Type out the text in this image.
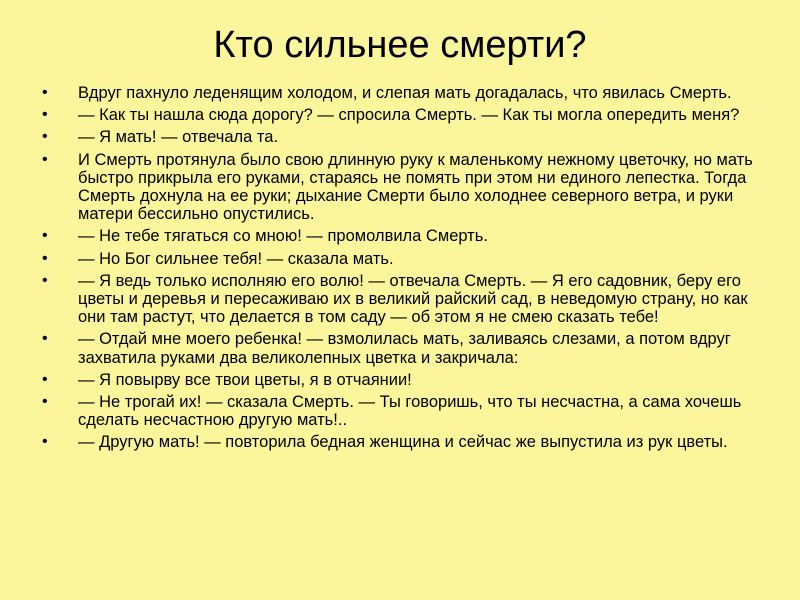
Кто сильнее смерти?
• Вдруг пахнуло леденящим холодом, и слепая мать догадалась, что явилась Смерть.
• — Как ты нашла сюда дорогу? — спросила Смерть. — Как ты могла опередить меня?
• — Я мать! — отвечала та.
• И Смерть протянула было свою длинную руку к маленькому нежному цветочку, но мать быстро прикрыла его руками, стараясь не помять при этом ни единого лепестка. Тогда Смерть дохнула на ее руки; дыхание Смерти было холоднее северного ветра, и руки матери бессильно опустились.
• — Не тебе тягаться со мною! — промолвила Смерть.
• — Но Бог сильнее тебя! — сказала мать.
• — Я ведь только исполняю его волю! — отвечала Смерть. — Я его садовник, беру его цветы и деревья и пересаживаю их в великий райский сад, в неведомую страну, но как они там растут, что делается в том саду — об этом я не смею сказать тебе!
• — Отдай мне моего ребенка! — взмолилась мать, заливаясь слезами, а потом вдруг захватила руками два великолепных цветка и закричала:
• — Я повырву все твои цветы, я в отчаянии!
• — Не трогай их! — сказала Смерть. — Ты говоришь, что ты несчастна, а сама хочешь сделать несчастною другую мать!..
• — Другую мать! — повторила бедная женщина и сейчас же выпустила из рук цветы.
